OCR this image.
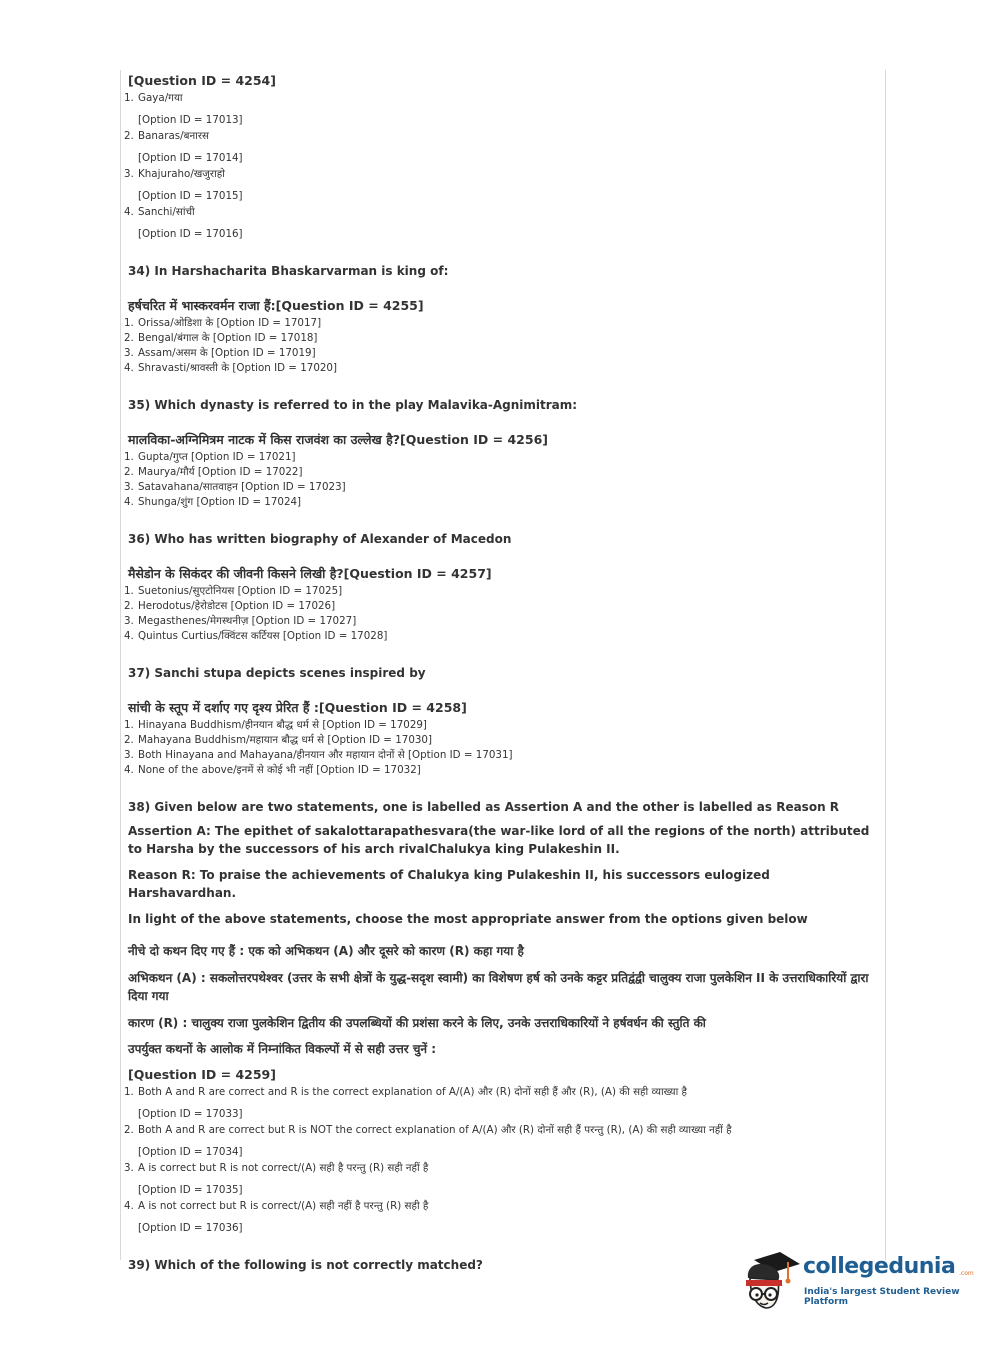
[Question ID = 4254]

1. Gaya/गया
[Option ID = 17013]
2. Banaras/बनारस
[Option ID = 17014]
3. Khajuraho/खजुराहो
[Option ID = 17015]
4. Sanchi/सांची
[Option ID = 17016]

34) In Harshacharita Bhaskarvarman is king of:

हर्षचरित में भास्करवर्मन राजा हैं:[Question ID = 4255]

1. Orissa/ओडिशा के [Option ID = 17017]
2. Bengal/बंगाल के [Option ID = 17018]
3. Assam/असम के [Option ID = 17019]
4. Shravasti/श्रावस्ती के [Option ID = 17020]

35) Which dynasty is referred to in the play Malavika-Agnimitram:

मालविका-अग्निमित्रम नाटक में किस राजवंश का उल्लेख है?[Question ID = 4256]

1. Gupta/गुप्त [Option ID = 17021]
2. Maurya/मौर्य [Option ID = 17022]
3. Satavahana/सातवाहन [Option ID = 17023]
4. Shunga/शुंग [Option ID = 17024]

36) Who has written biography of Alexander of Macedon

मैसेडोन के सिकंदर की जीवनी किसने लिखी है?[Question ID = 4257]

1. Suetonius/सुएटोनियस [Option ID = 17025]
2. Herodotus/हेरोडोटस [Option ID = 17026]
3. Megasthenes/मेगस्थनीज़ [Option ID = 17027]
4. Quintus Curtius/क्विंटस कर्टियस [Option ID = 17028]

37) Sanchi stupa depicts scenes inspired by

सांची के स्तूप में दर्शाए गए दृश्य प्रेरित हैं :[Question ID = 4258]

1. Hinayana Buddhism/हीनयान बौद्ध धर्म से [Option ID = 17029]
2. Mahayana Buddhism/महायान बौद्ध धर्म से [Option ID = 17030]
3. Both Hinayana and Mahayana/हीनयान और महायान दोनों से [Option ID = 17031]
4. None of the above/इनमें से कोई भी नहीं [Option ID = 17032]

38) Given below are two statements, one is labelled as Assertion A and the other is labelled as Reason R

Assertion A: The epithet of sakalottarapathesvara(the war-like lord of all the regions of the north) attributed to Harsha by the successors of his arch rivalChalukya king Pulakeshin II.

Reason R: To praise the achievements of Chalukya king Pulakeshin II, his successors eulogized Harshavardhan.

In light of the above statements, choose the most appropriate answer from the options given below

नीचे दो कथन दिए गए हैं : एक को अभिकथन (A) और दूसरे को कारण (R) कहा गया है

अभिकथन (A) : सकलोत्तरपथेश्वर (उत्तर के सभी क्षेत्रों के युद्ध-सदृश स्वामी) का विशेषण हर्ष को उनके कट्टर प्रतिद्वंद्वी चालुक्य राजा पुलकेशिन II के उत्तराधिकारियों द्वारा दिया गया

कारण (R) : चालुक्य राजा पुलकेशिन द्वितीय की उपलब्धियों की प्रशंसा करने के लिए, उनके उत्तराधिकारियों ने हर्षवर्धन की स्तुति की

उपर्युक्त कथनों के आलोक में निम्नांकित विकल्पों में से सही उत्तर चुनें :

[Question ID = 4259]

1. Both A and R are correct and R is the correct explanation of A/(A) और (R) दोनों सही हैं और (R), (A) की सही व्याख्या है
[Option ID = 17033]
2. Both A and R are correct but R is NOT the correct explanation of A/(A) और (R) दोनों सही हैं परन्तु (R), (A) की सही व्याख्या नहीं है
[Option ID = 17034]
3. A is correct but R is not correct/(A) सही है परन्तु (R) सही नहीं है
[Option ID = 17035]
4. A is not correct but R is correct/(A) सही नहीं है परन्तु (R) सही है
[Option ID = 17036]

39) Which of the following is not correctly matched?	collegedunia .com
India's largest Student Review Platform
